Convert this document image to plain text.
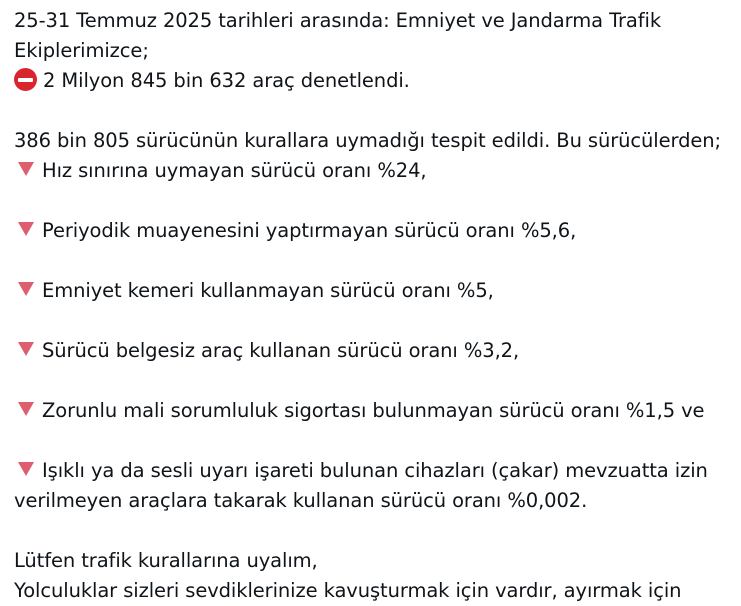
25-31 Temmuz 2025 tarihleri arasında: Emniyet ve Jandarma Trafik
Ekiplerimizce;
2 Milyon 845 bin 632 araç denetlendi.
386 bin 805 sürücünün kurallara uymadığı tespit edildi. Bu sürücülerden;
Hız sınırına uymayan sürücü oranı %24,
Periyodik muayenesini yaptırmayan sürücü oranı %5,6,
Emniyet kemeri kullanmayan sürücü oranı %5,
Sürücü belgesiz araç kullanan sürücü oranı %3,2,
Zorunlu mali sorumluluk sigortası bulunmayan sürücü oranı %1,5 ve
Işıklı ya da sesli uyarı işareti bulunan cihazları (çakar) mevzuatta izin
verilmeyen araçlara takarak kullanan sürücü oranı %0,002.
Lütfen trafik kurallarına uyalım,
Yolculuklar sizleri sevdiklerinize kavuşturmak için vardır, ayırmak için
